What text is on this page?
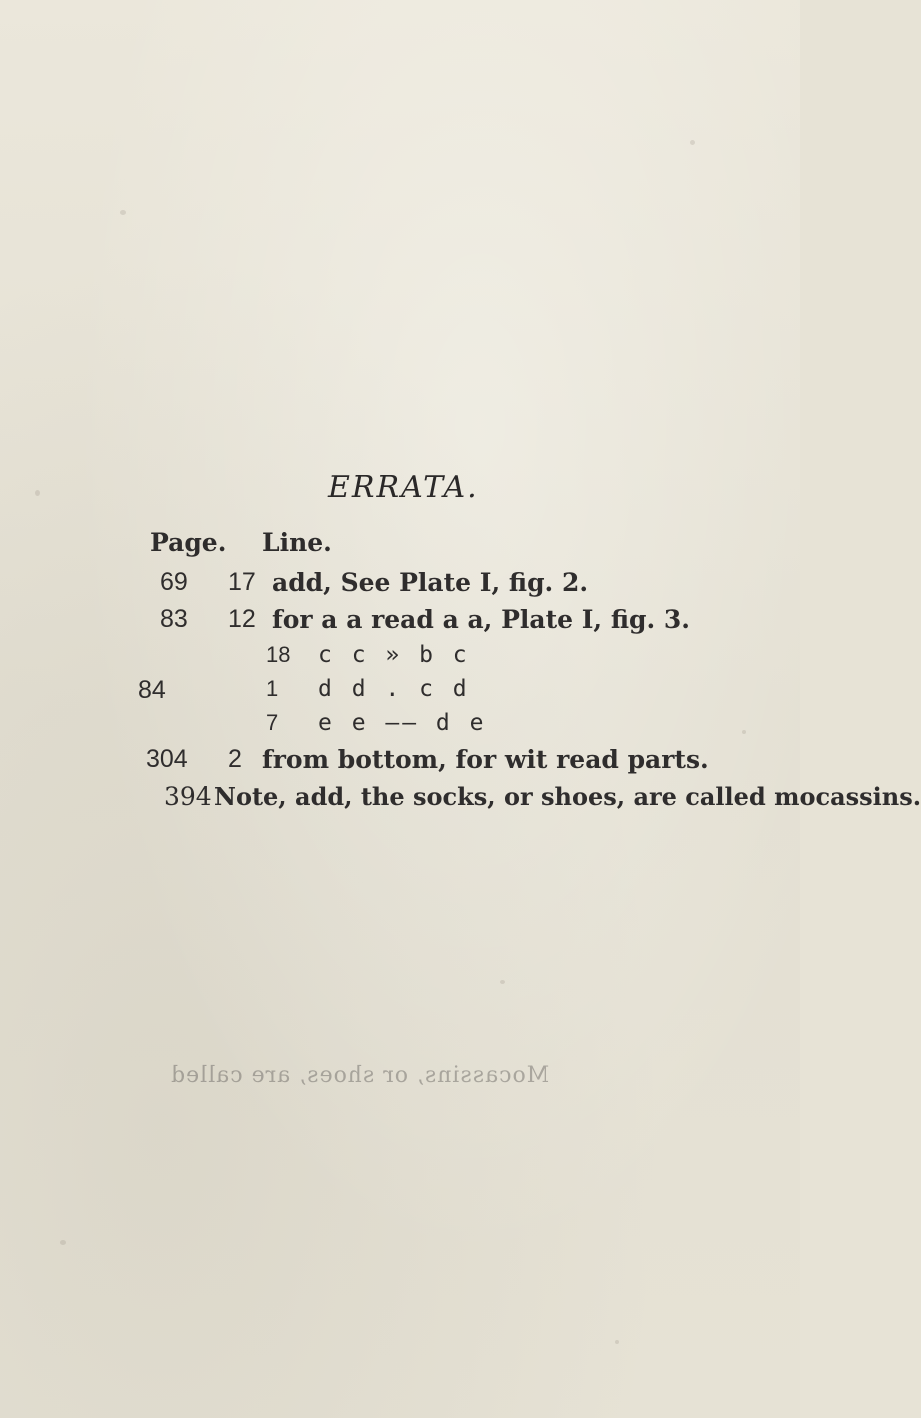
ERRATA.
Page. Line.
69 17 add, See Plate I, fig. 2.
83 12 for a a read a a, Plate I, fig. 3.
18 c c » b c
84	1 d d . c d
7 e e —— d e
304 2 from bottom, for wit read parts.
394 Note, add, the socks, or shoes, are called mocassins.
Mocassins, or shoes, are called
